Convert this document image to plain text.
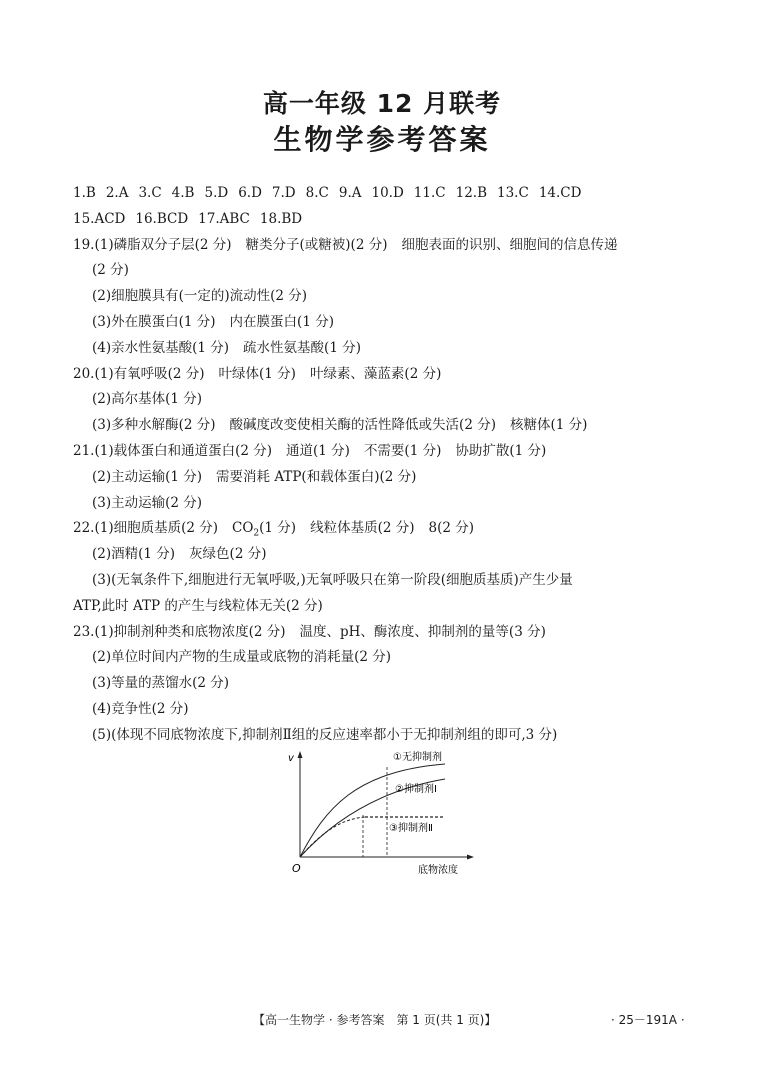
高一年级 12 月联考
生物学参考答案
1.B 2.A 3.C 4.B 5.D 6.D 7.D 8.C 9.A 10.D 11.C 12.B 13.C 14.CD
15.ACD 16.BCD 17.ABC 18.BD
19.(1)磷脂双分子层(2 分) 糖类分子(或糖被)(2 分) 细胞表面的识别、细胞间的信息传递
(2 分)
(2)细胞膜具有(一定的)流动性(2 分)
(3)外在膜蛋白(1 分) 内在膜蛋白(1 分)
(4)亲水性氨基酸(1 分) 疏水性氨基酸(1 分)
20.(1)有氧呼吸(2 分) 叶绿体(1 分) 叶绿素、藻蓝素(2 分)
(2)高尔基体(1 分)
(3)多种水解酶(2 分) 酸碱度改变使相关酶的活性降低或失活(2 分) 核糖体(1 分)
21.(1)载体蛋白和通道蛋白(2 分) 通道(1 分) 不需要(1 分) 协助扩散(1 分)
(2)主动运输(1 分) 需要消耗 ATP(和载体蛋白)(2 分)
(3)主动运输(2 分)
22.(1)细胞质基质(2 分) $CO_2(1$ 分) 线粒体基质(2 分) 8(2 分)
(2)酒精(1 分) 灰绿色(2 分)
(3)(无氧条件下,细胞进行无氧呼吸,)无氧呼吸只在第一阶段(细胞质基质)产生少量
ATP,此时 ATP 的产生与线粒体无关(2 分)
23.(1)抑制剂种类和底物浓度(2 分) 温度、pH、酶浓度、抑制剂的量等(3 分)
(2)单位时间内产物的生成量或底物的消耗量(2 分)
(3)等量的蒸馏水(2 分)
(4)竞争性(2 分)
(5)(体现不同底物浓度下,抑制剂Ⅱ组的反应速率都小于无抑制剂组的即可,3 分)
v
O	底物浓度
①无抑制剂
②抑制剂Ⅰ
③抑制剂Ⅱ
【高一生物学 · 参考答案　第 1 页(共 1 页)】	· 25－191A ·
